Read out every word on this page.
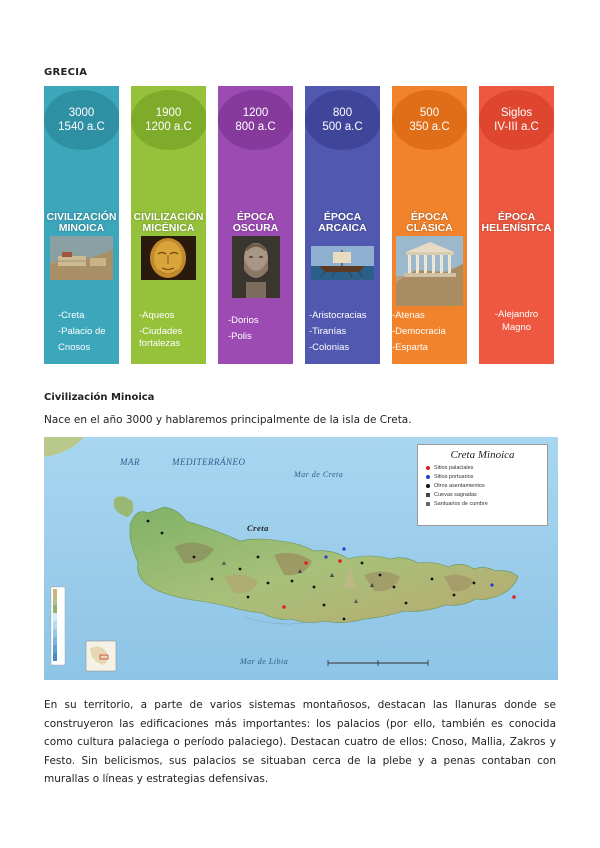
GRECIA
3000
1540 a.C
CIVILIZACIÓN
MINOICA
-Creta
-Palacio de
Cnosos
1900
1200 a.C
CIVILIZACIÓN
MICÉNICA
-Aqueos
-Ciudades
fortalezas
1200
800 a.C
ÉPOCA
OSCURA
-Dorios
-Polis
800
500 a.C
ÉPOCA
ARCAICA
-Aristocracias
-Tiranías
-Colonias
500
350 a.C
ÉPOCA
CLÁSICA
-Atenas
-Democracia
-Esparta
Siglos
IV-III a.C
ÉPOCA
HELENÍSITCA
-Alejandro
Magno
Civilización Minoica
Nace en el año 3000 y hablaremos principalmente de la isla de Creta.
MAR	MEDITERRÁNEO
Mar de Creta
Mar de Libia
Creta
Creta Minoica
Sitios palaciales
Sitios portuarios
Otros asentamientos
Cuevas sagradas
Santuarios de cumbre
En su territorio, a parte de varios sistemas montañosos, destacan las llanuras donde se construyeron las edificaciones más importantes: los palacios (por ello, también es conocida como cultura palaciega o período palaciego). Destacan cuatro de ellos: Cnoso, Mallia, Zakros y Festo. Sin belicismos, sus palacios se situaban cerca de la plebe y a penas contaban con murallas o líneas y estrategias defensivas.
